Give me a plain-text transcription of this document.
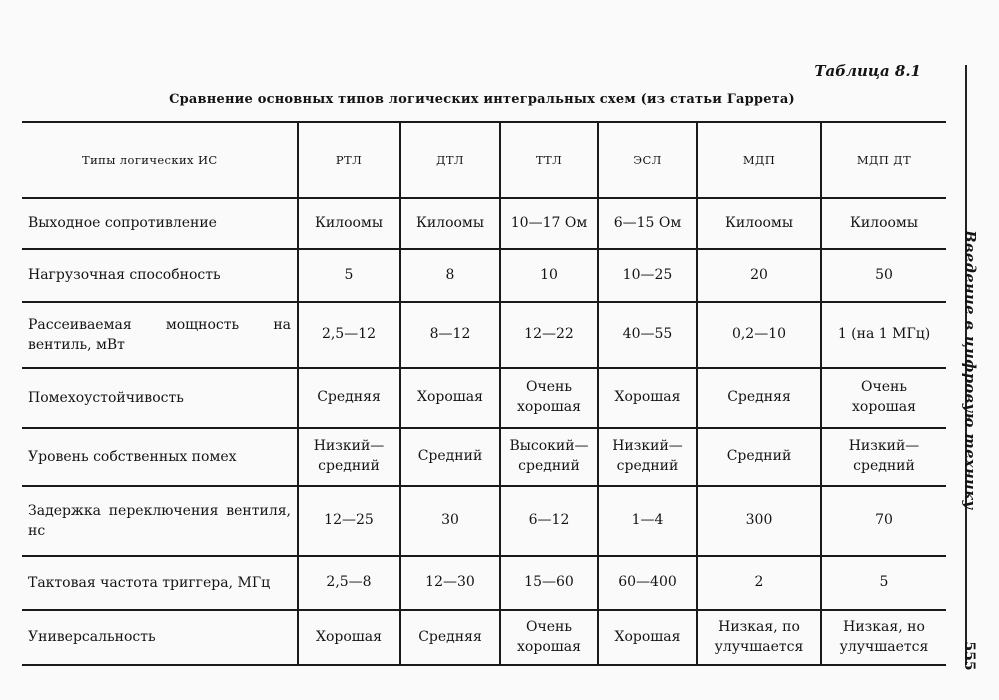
Таблица 8.1
Сравнение основных типов логических интегральных схем (из статьи Гаррета)
Введение в цифровую технику
555
Типы логических ИС	РТЛ	ДТЛ	ТТЛ	ЭСЛ	МДП	МДП ДТ
Выходное сопротивление	Килоомы	Килоомы	10—17 Ом	6—15 Ом	Килоомы	Килоомы
Нагрузочная способность	5	8	10	10—25	20	50
Рассеиваемая мощность на вентиль, мВт	2,5—12	8—12	12—22	40—55	0,2—10	1 (на 1 МГц)
Помехоустойчивость	Средняя	Хорошая	Очень хорошая	Хорошая	Средняя	Очень хорошая
Уровень собственных помех	Низкий—средний	Средний	Высокий—средний	Низкий—средний	Средний	Низкий—средний
Задержка переключения вентиля, нс	12—25	30	6—12	1—4	300	70
Тактовая частота триггера, МГц	2,5—8	12—30	15—60	60—400	2	5
Универсальность	Хорошая	Средняя	Очень хорошая	Хорошая	Низкая, по улучшается	Низкая, но улучшается
